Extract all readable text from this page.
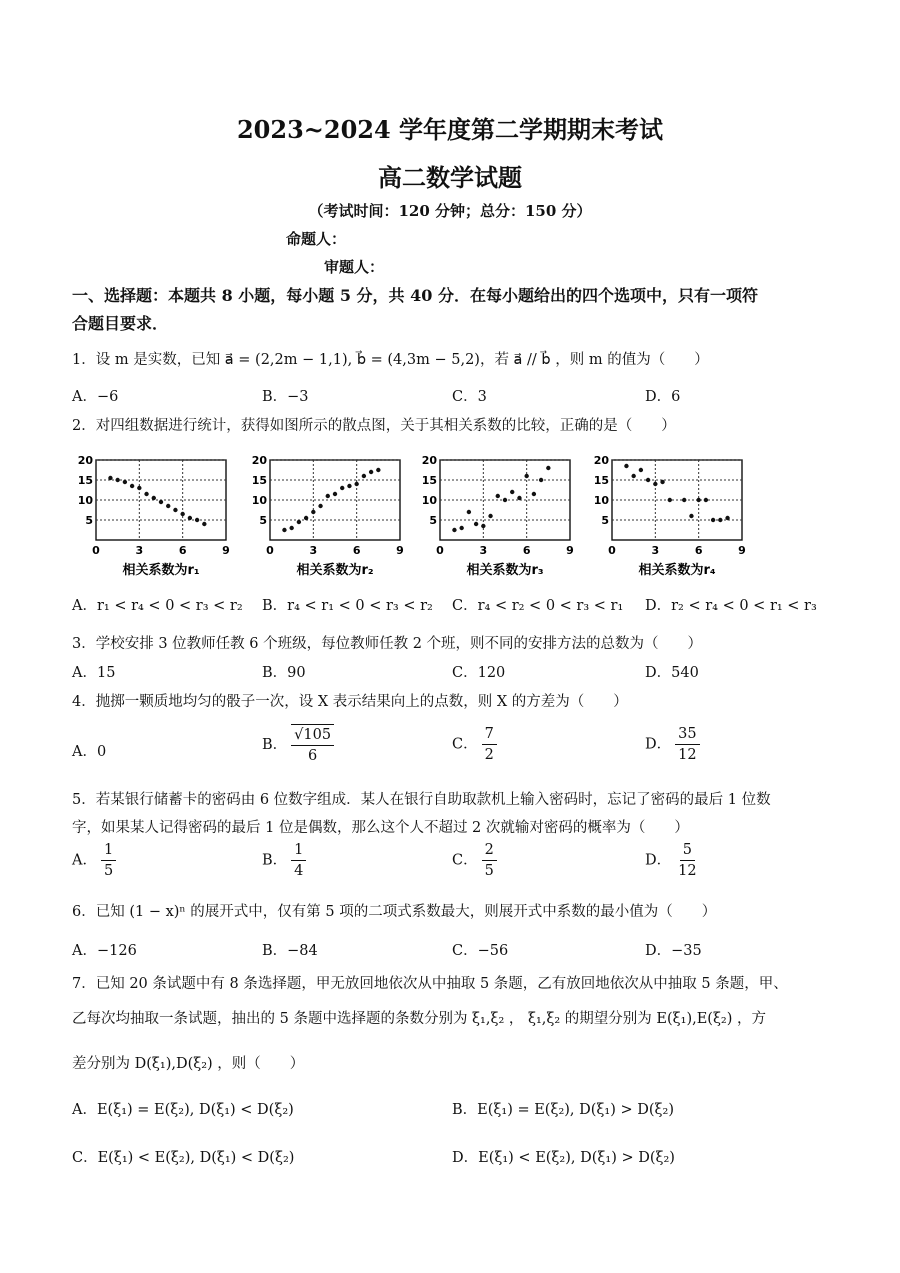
2023~2024 学年度第二学期期末考试
高二数学试题
（考试时间：120 分钟；总分：150 分）
命题人：
审题人：
一、选择题：本题共 8 小题，每小题 5 分，共 40 分．在每小题给出的四个选项中，只有一项符
合题目要求．
1．设 m 是实数，已知 a⃗ = (2,2m − 1,1), b⃗ = (4,3m − 5,2)，若 a⃗ // b⃗ ，则 m 的值为（　　）
A．−6	B．−3	C．3	D．6
2．对四组数据进行统计，获得如图所示的散点图，关于其相关系数的比较，正确的是（　　）
5
10
15
20
0	3	6	9
相关系数为r₁
5
10
15
20
0	3	6	9
相关系数为r₂
5
10
15
20
0	3	6	9
相关系数为r₃
5
10
15
20
0	3	6	9
相关系数为r₄
A．r₁ < r₄ < 0 < r₃ < r₂ B．r₄ < r₁ < 0 < r₃ < r₂ C．r₄ < r₂ < 0 < r₃ < r₁ D．r₂ < r₄ < 0 < r₁ < r₃
3．学校安排 3 位教师任教 6 个班级，每位教师任教 2 个班，则不同的安排方法的总数为（　　）
A．15	B．90	C．120	D．540
4．抛掷一颗质地均匀的骰子一次，设 X 表示结果向上的点数，则 X 的方差为（　　）
A．0	B． $\frac{√105}{6}$	C． $\frac{7}{2}$	D． $\frac{35}{12}$
5．若某银行储蓄卡的密码由 6 位数字组成．某人在银行自助取款机上输入密码时，忘记了密码的最后 1 位数
字，如果某人记得密码的最后 1 位是偶数，那么这个人不超过 2 次就输对密码的概率为（　　）
A． $\frac{1}{5}$	B． $\frac{1}{4}$	C． $\frac{2}{5}$	D． $\frac{5}{12}$
6．已知 (1 − x)ⁿ 的展开式中，仅有第 5 项的二项式系数最大，则展开式中系数的最小值为（　　）
A．−126	B．−84	C．−56	D．−35
7．已知 20 条试题中有 8 条选择题，甲无放回地依次从中抽取 5 条题，乙有放回地依次从中抽取 5 条题，甲、
乙每次均抽取一条试题，抽出的 5 条题中选择题的条数分别为 ξ₁,ξ₂ ， ξ₁,ξ₂ 的期望分别为 E(ξ₁),E(ξ₂) ，方
差分别为 D(ξ₁),D(ξ₂) ，则（　　）
A．E(ξ₁) = E(ξ₂), D(ξ₁) < D(ξ₂)	B．E(ξ₁) = E(ξ₂), D(ξ₁) > D(ξ₂)
C．E(ξ₁) < E(ξ₂), D(ξ₁) < D(ξ₂)	D．E(ξ₁) < E(ξ₂), D(ξ₁) > D(ξ₂)
